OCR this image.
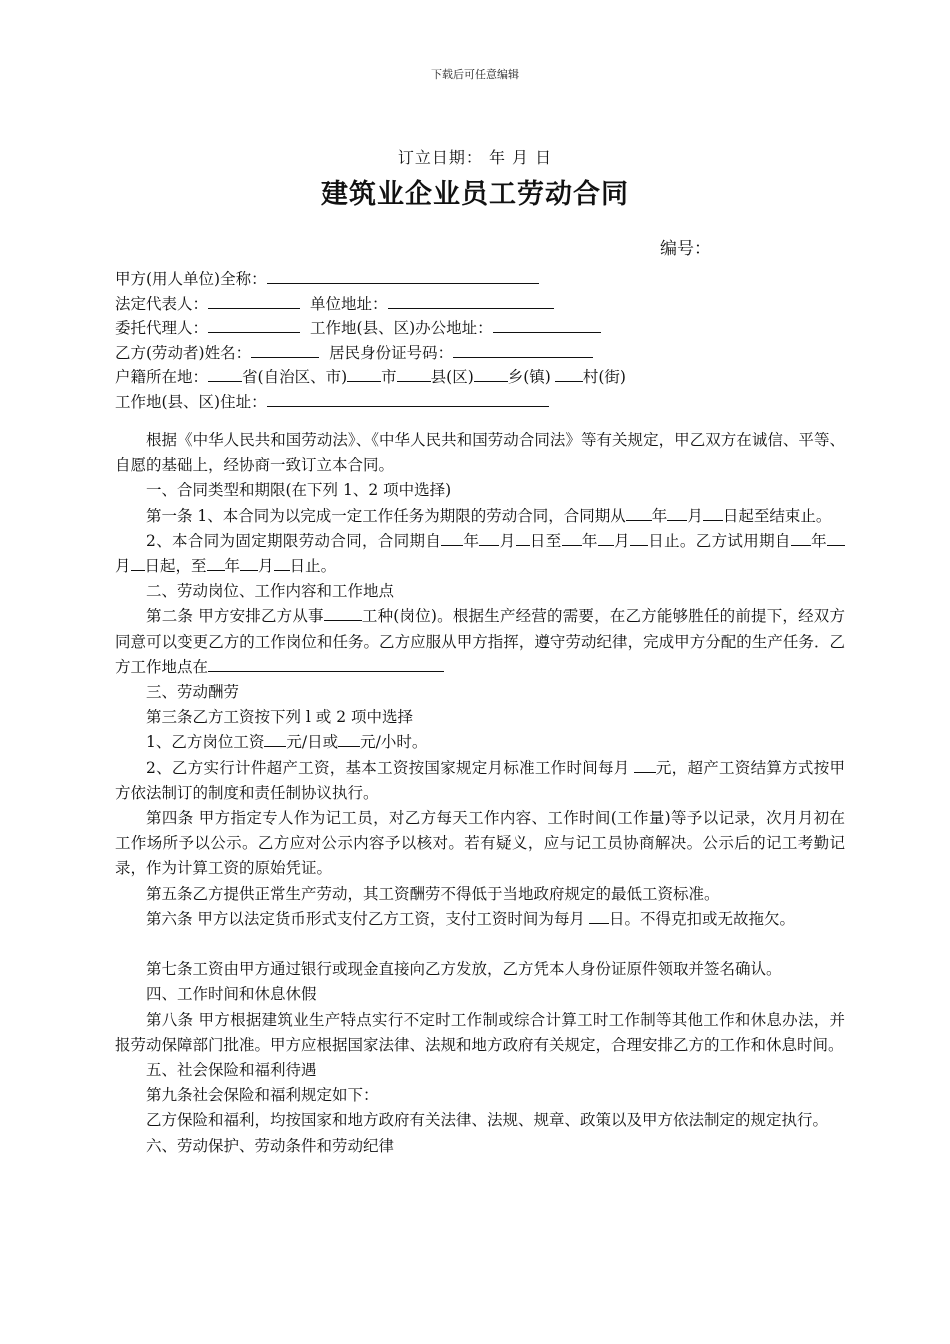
下载后可任意编辑
订立日期： 年 月 日
建筑业企业员工劳动合同
编号：
甲方(用人单位)全称：
法定代表人：	单位地址：
委托代理人：	工作地(县、区)办公地址：
乙方(劳动者)姓名：	居民身份证号码：
户籍所在地： 省(自治区、市) 市 县(区) 乡(镇) 村(街)
工作地(县、区)住址：

根据《中华人民共和国劳动法》、《中华人民共和国劳动合同法》等有关规定，甲乙双方在诚信、平等、自愿的基础上，经协商一致订立本合同。

一、合同类型和期限(在下列 1、2 项中选择)

第一条 1、本合同为以完成一定工作任务为期限的劳动合同，合同期从 年 月 日起至结束止。

2、本合同为固定期限劳动合同，合同期自 年 月 日至 年 月 日止。乙方试用期自 年月 日起，至 年 月 日止。

二、劳动岗位、工作内容和工作地点

第二条 甲方安排乙方从事 工种(岗位)。根据生产经营的需要，在乙方能够胜任的前提下，经双方同意可以变更乙方的工作岗位和任务。乙方应服从甲方指挥，遵守劳动纪律，完成甲方分配的生产任务．乙方工作地点在

三、劳动酬劳

第三条乙方工资按下列 l 或 2 项中选择

1、乙方岗位工资 元/日或 元/小时。

2、乙方实行计件超产工资，基本工资按国家规定月标准工作时间每月 元，超产工资结算方式按甲方依法制订的制度和责任制协议执行。

第四条 甲方指定专人作为记工员，对乙方每天工作内容、工作时间(工作量)等予以记录，次月月初在工作场所予以公示。乙方应对公示内容予以核对。若有疑义，应与记工员协商解决。公示后的记工考勤记录，作为计算工资的原始凭证。

第五条乙方提供正常生产劳动，其工资酬劳不得低于当地政府规定的最低工资标准。

第六条 甲方以法定货币形式支付乙方工资，支付工资时间为每月 日。不得克扣或无故拖欠。

第七条工资由甲方通过银行或现金直接向乙方发放，乙方凭本人身份证原件领取并签名确认。

四、工作时间和休息休假

第八条 甲方根据建筑业生产特点实行不定时工作制或综合计算工时工作制等其他工作和休息办法，并报劳动保障部门批准。甲方应根据国家法律、法规和地方政府有关规定，合理安排乙方的工作和休息时间。

五、社会保险和福利待遇

第九条社会保险和福利规定如下：

乙方保险和福利，均按国家和地方政府有关法律、法规、规章、政策以及甲方依法制定的规定执行。

六、劳动保护、劳动条件和劳动纪律
